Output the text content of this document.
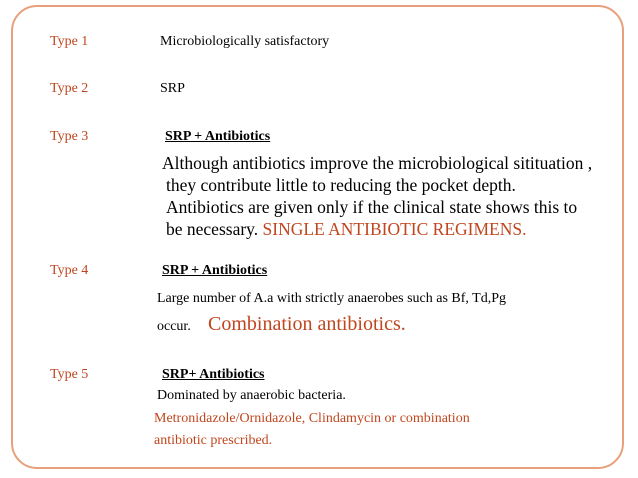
Type 1	Microbiologically satisfactory
Type 2	SRP
Type 3	SRP + Antibiotics
Although antibiotics improve the microbiological sitituation ,
they contribute little to reducing the pocket depth.
Antibiotics are given only if the clinical state shows this to
be necessary. SINGLE ANTIBIOTIC REGIMENS.
Type 4	SRP + Antibiotics
Large number of A.a with strictly anaerobes such as Bf, Td,Pg
occur. Combination antibiotics.
Type 5	SRP+ Antibiotics
Dominated by anaerobic bacteria.
Metronidazole/Ornidazole, Clindamycin or combination
antibiotic prescribed.
